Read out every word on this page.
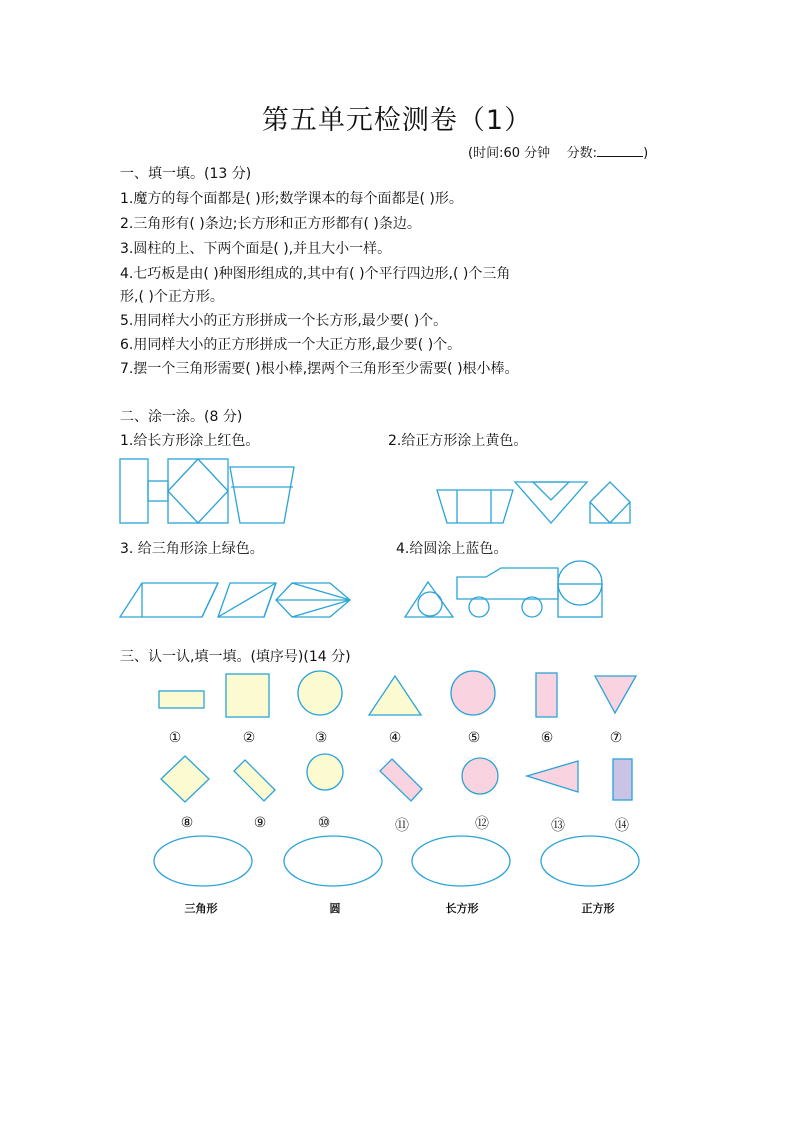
第五单元检测卷（1）
(时间:60 分钟 分数:	)
一、填一填。(13 分)
1.魔方的每个面都是( )形;数学课本的每个面都是( )形。
2.三角形有( )条边;长方形和正方形都有( )条边。
3.圆柱的上、下两个面是( ),并且大小一样。
4.七巧板是由( )种图形组成的,其中有( )个平行四边形,( )个三角
形,( )个正方形。
5.用同样大小的正方形拼成一个长方形,最少要( )个。
6.用同样大小的正方形拼成一个大正方形,最少要( )个。
7.摆一个三角形需要( )根小棒,摆两个三角形至少需要( )根小棒。
二、涂一涂。(8 分)
1.给长方形涂上红色。	2.给正方形涂上黄色。
3. 给三角形涂上绿色。	4.给圆涂上蓝色。
三、认一认,填一填。(填序号)(14 分)
①	②	③	④	⑤	⑥	⑦
⑧	⑨	⑩	⑪	⑫	⑬	⑭
三角形	圆	长方形	正方形
